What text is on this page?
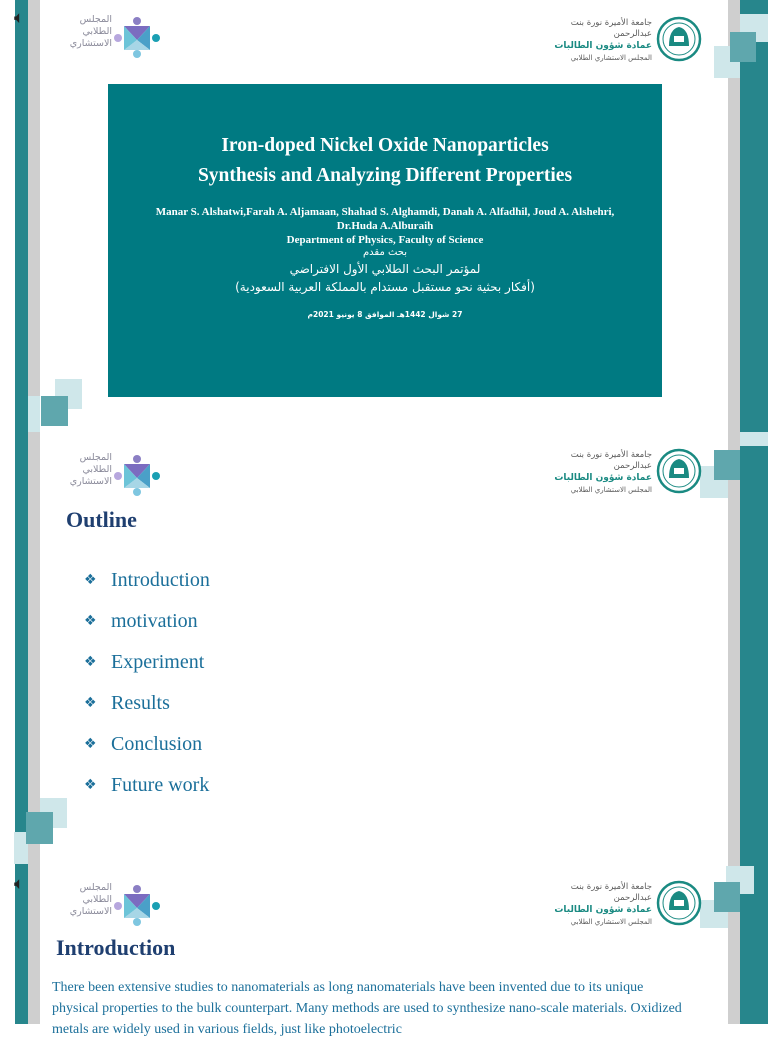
🔈︎	المجلس
الطلابي
الاستشاري
جامعة الأميرة نورة بنت عبدالرحمن
عمادة شؤون الطالبات
المجلس الاستشاري الطلابي
Iron-doped Nickel Oxide Nanoparticles
Synthesis and Analyzing Different Properties
Manar S. Alshatwi,Farah A. Aljamaan, Shahad S. Alghamdi, Danah A. Alfadhil, Joud A. Alshehri,
Dr.Huda A.Alburaih
Department of Physics, Faculty of Science
بحث مقدم
لمؤتمر البحث الطلابي الأول الافتراضي
(أفكار بحثية نحو مستقبل مستدام بالمملكة العربية السعودية)
27 شوال 1442هـ الموافق 8 يونيو 2021م
المجلس
الطلابي
الاستشاري
جامعة الأميرة نورة بنت عبدالرحمن
عمادة شؤون الطالبات
المجلس الاستشاري الطلابي
Outline
❖ Introduction
❖ motivation
❖ Experiment
❖ Results
❖ Conclusion
❖ Future work
🔈︎	المجلس
الطلابي
الاستشاري
جامعة الأميرة نورة بنت عبدالرحمن
عمادة شؤون الطالبات
المجلس الاستشاري الطلابي
Introduction

There been extensive studies to nanomaterials as long nanomaterials have been invented due to its unique physical properties to the bulk counterpart. Many methods are used to synthesize nano-scale materials. Oxidized metals are widely used in various fields, just like photoelectric
